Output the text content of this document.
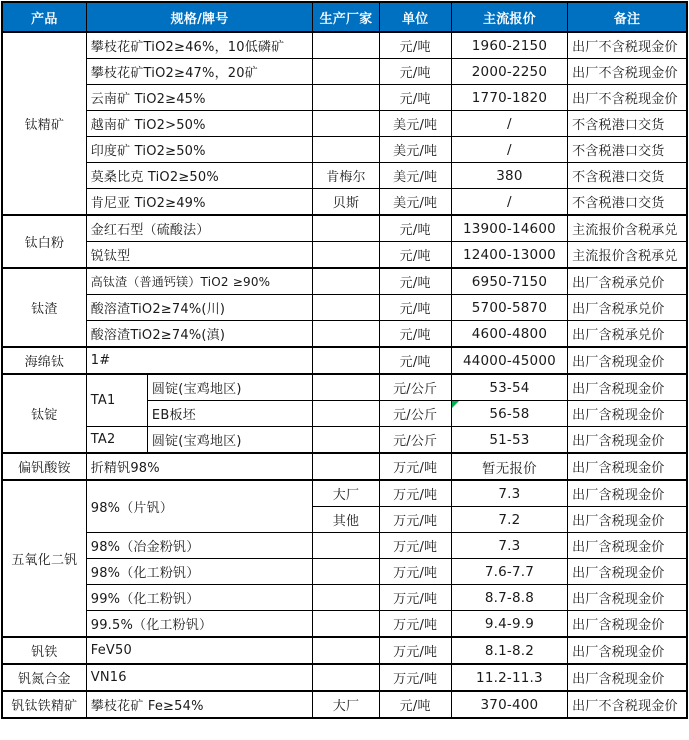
产品	规格/牌号		生产厂家	单位	主流报价	备注
钛精矿	攀枝花矿TiO2≥46%，10低磷矿			元/吨	1960-2150	出厂不含税现金价
	攀枝花矿TiO2≥47%，20矿			元/吨	2000-2250	出厂不含税现金价
	云南矿 TiO2≥45%			元/吨	1770-1820	出厂不含税现金价
	越南矿 TiO2>50%			美元/吨	/	不含税港口交货
	印度矿 TiO2≥50%			美元/吨	/	不含税港口交货
	莫桑比克 TiO2≥50%		肯梅尔	美元/吨	380	不含税港口交货
	肯尼亚 TiO2≥49%		贝斯	美元/吨	/	不含税港口交货
钛白粉	金红石型（硫酸法）			元/吨	13900-14600	主流报价含税承兑
	锐钛型			元/吨	12400-13000	主流报价含税承兑
钛渣	高钛渣（普通钙镁）TiO2 ≥90%			元/吨	6950-7150	出厂含税承兑价
	酸溶渣TiO2≥74%(川)			元/吨	5700-5870	出厂含税承兑价
	酸溶渣TiO2≥74%(滇)			元/吨	4600-4800	出厂含税承兑价
海绵钛	1#			元/吨	44000-45000	出厂含税现金价
钛锭	TA1	圆锭(宝鸡地区)		元/公斤	53-54	出厂含税现金价
		EB板坯		元/公斤	56-58	出厂含税现金价
	TA2	圆锭(宝鸡地区)		元/公斤	51-53	出厂含税现金价
偏钒酸铵	折精钒98%			万元/吨	暂无报价	出厂含税现金价
五氧化二钒	98%（片钒）		大厂	万元/吨	7.3	出厂含税现金价
			其他	万元/吨	7.2	出厂含税现金价
	98%（冶金粉钒）			万元/吨	7.3	出厂含税现金价
	98%（化工粉钒）			万元/吨	7.6-7.7	出厂含税现金价
	99%（化工粉钒）			万元/吨	8.7-8.8	出厂含税现金价
	99.5%（化工粉钒）			万元/吨	9.4-9.9	出厂含税现金价
钒铁	FeV50			万元/吨	8.1-8.2	出厂含税现金价
钒氮合金	VN16			万元/吨	11.2-11.3	出厂含税现金价
钒钛铁精矿	攀枝花矿 Fe≥54%		大厂	元/吨	370-400	出厂不含税现金价
